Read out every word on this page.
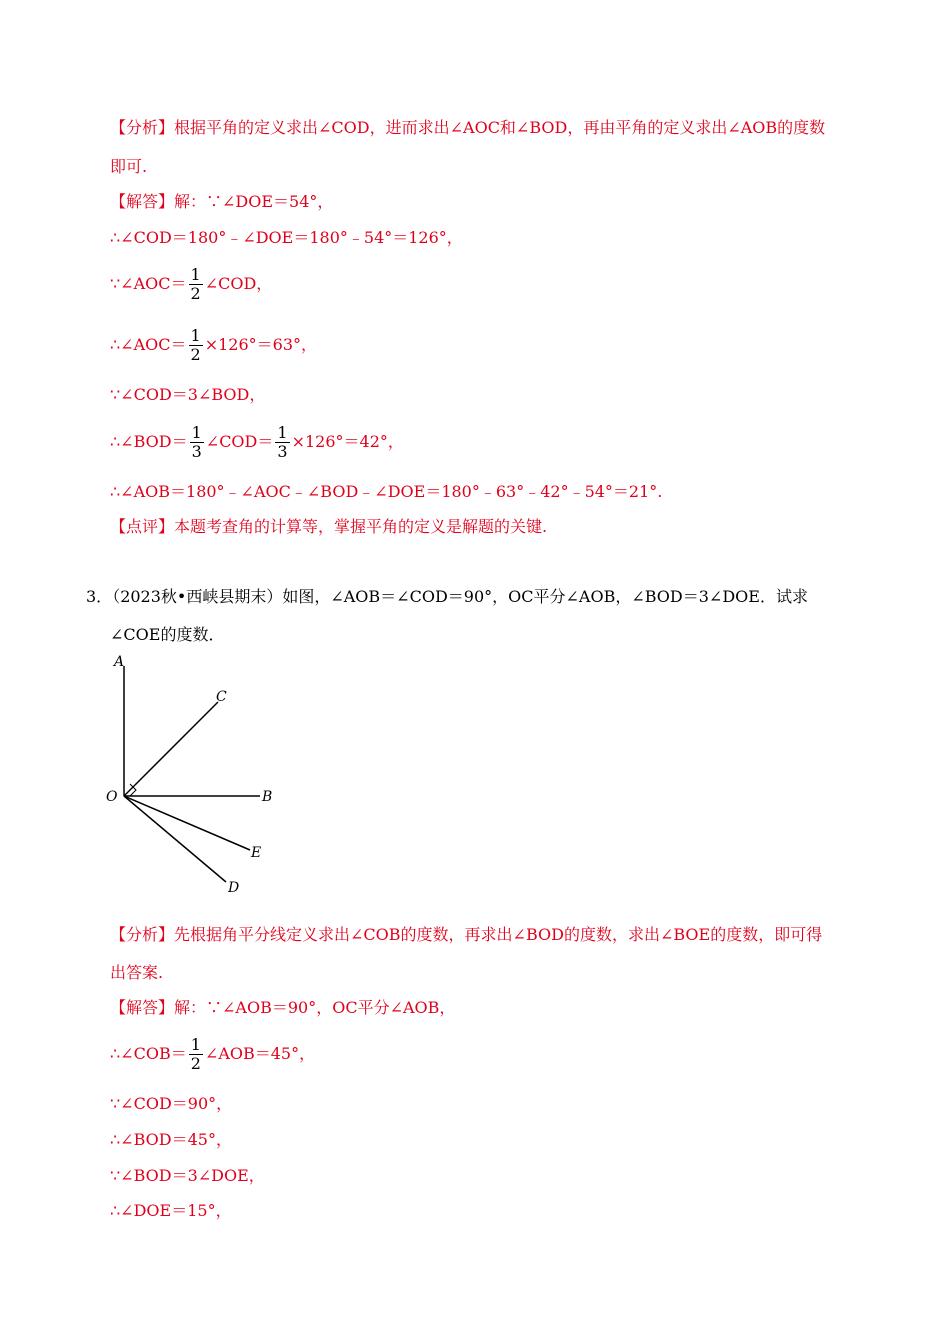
【分析】根据平角的定义求出∠COD，进而求出∠AOC和∠BOD，再由平角的定义求出∠AOB的度数
即可.
【解答】解：∵∠DOE＝54°，
∴∠COD＝180°﹣∠DOE＝180°﹣54°＝126°，
∵∠AOC＝ $\frac{1}{2}$ ∠COD，
∴∠AOC＝ $\frac{1}{2} \times 126^\circ=63^\circ$，
∵∠COD＝3∠BOD，
∴∠BOD＝ $\frac{1}{3}$ ∠COD＝ $\frac{1}{3} \times 126^\circ=42^\circ$，
∴∠AOB＝180°﹣∠AOC﹣∠BOD﹣∠DOE＝180°﹣63°﹣42°﹣54°＝21°.
【点评】本题考查角的计算等，掌握平角的定义是解题的关键.
3．（2023秋•西峡县期末）如图，∠AOB＝∠COD＝90°，OC平分∠AOB，∠BOD＝3∠DOE．试求
∠COE的度数．
A
C
O	B
E
D
【分析】先根据角平分线定义求出∠COB的度数，再求出∠BOD的度数，求出∠BOE的度数，即可得
出答案.
【解答】解：∵∠AOB＝90°，OC平分∠AOB，
∴∠COB＝ $\frac{1}{2}$ ∠AOB＝45°，
∵∠COD＝90°，
∴∠BOD＝45°，
∵∠BOD＝3∠DOE，
∴∠DOE＝15°，
